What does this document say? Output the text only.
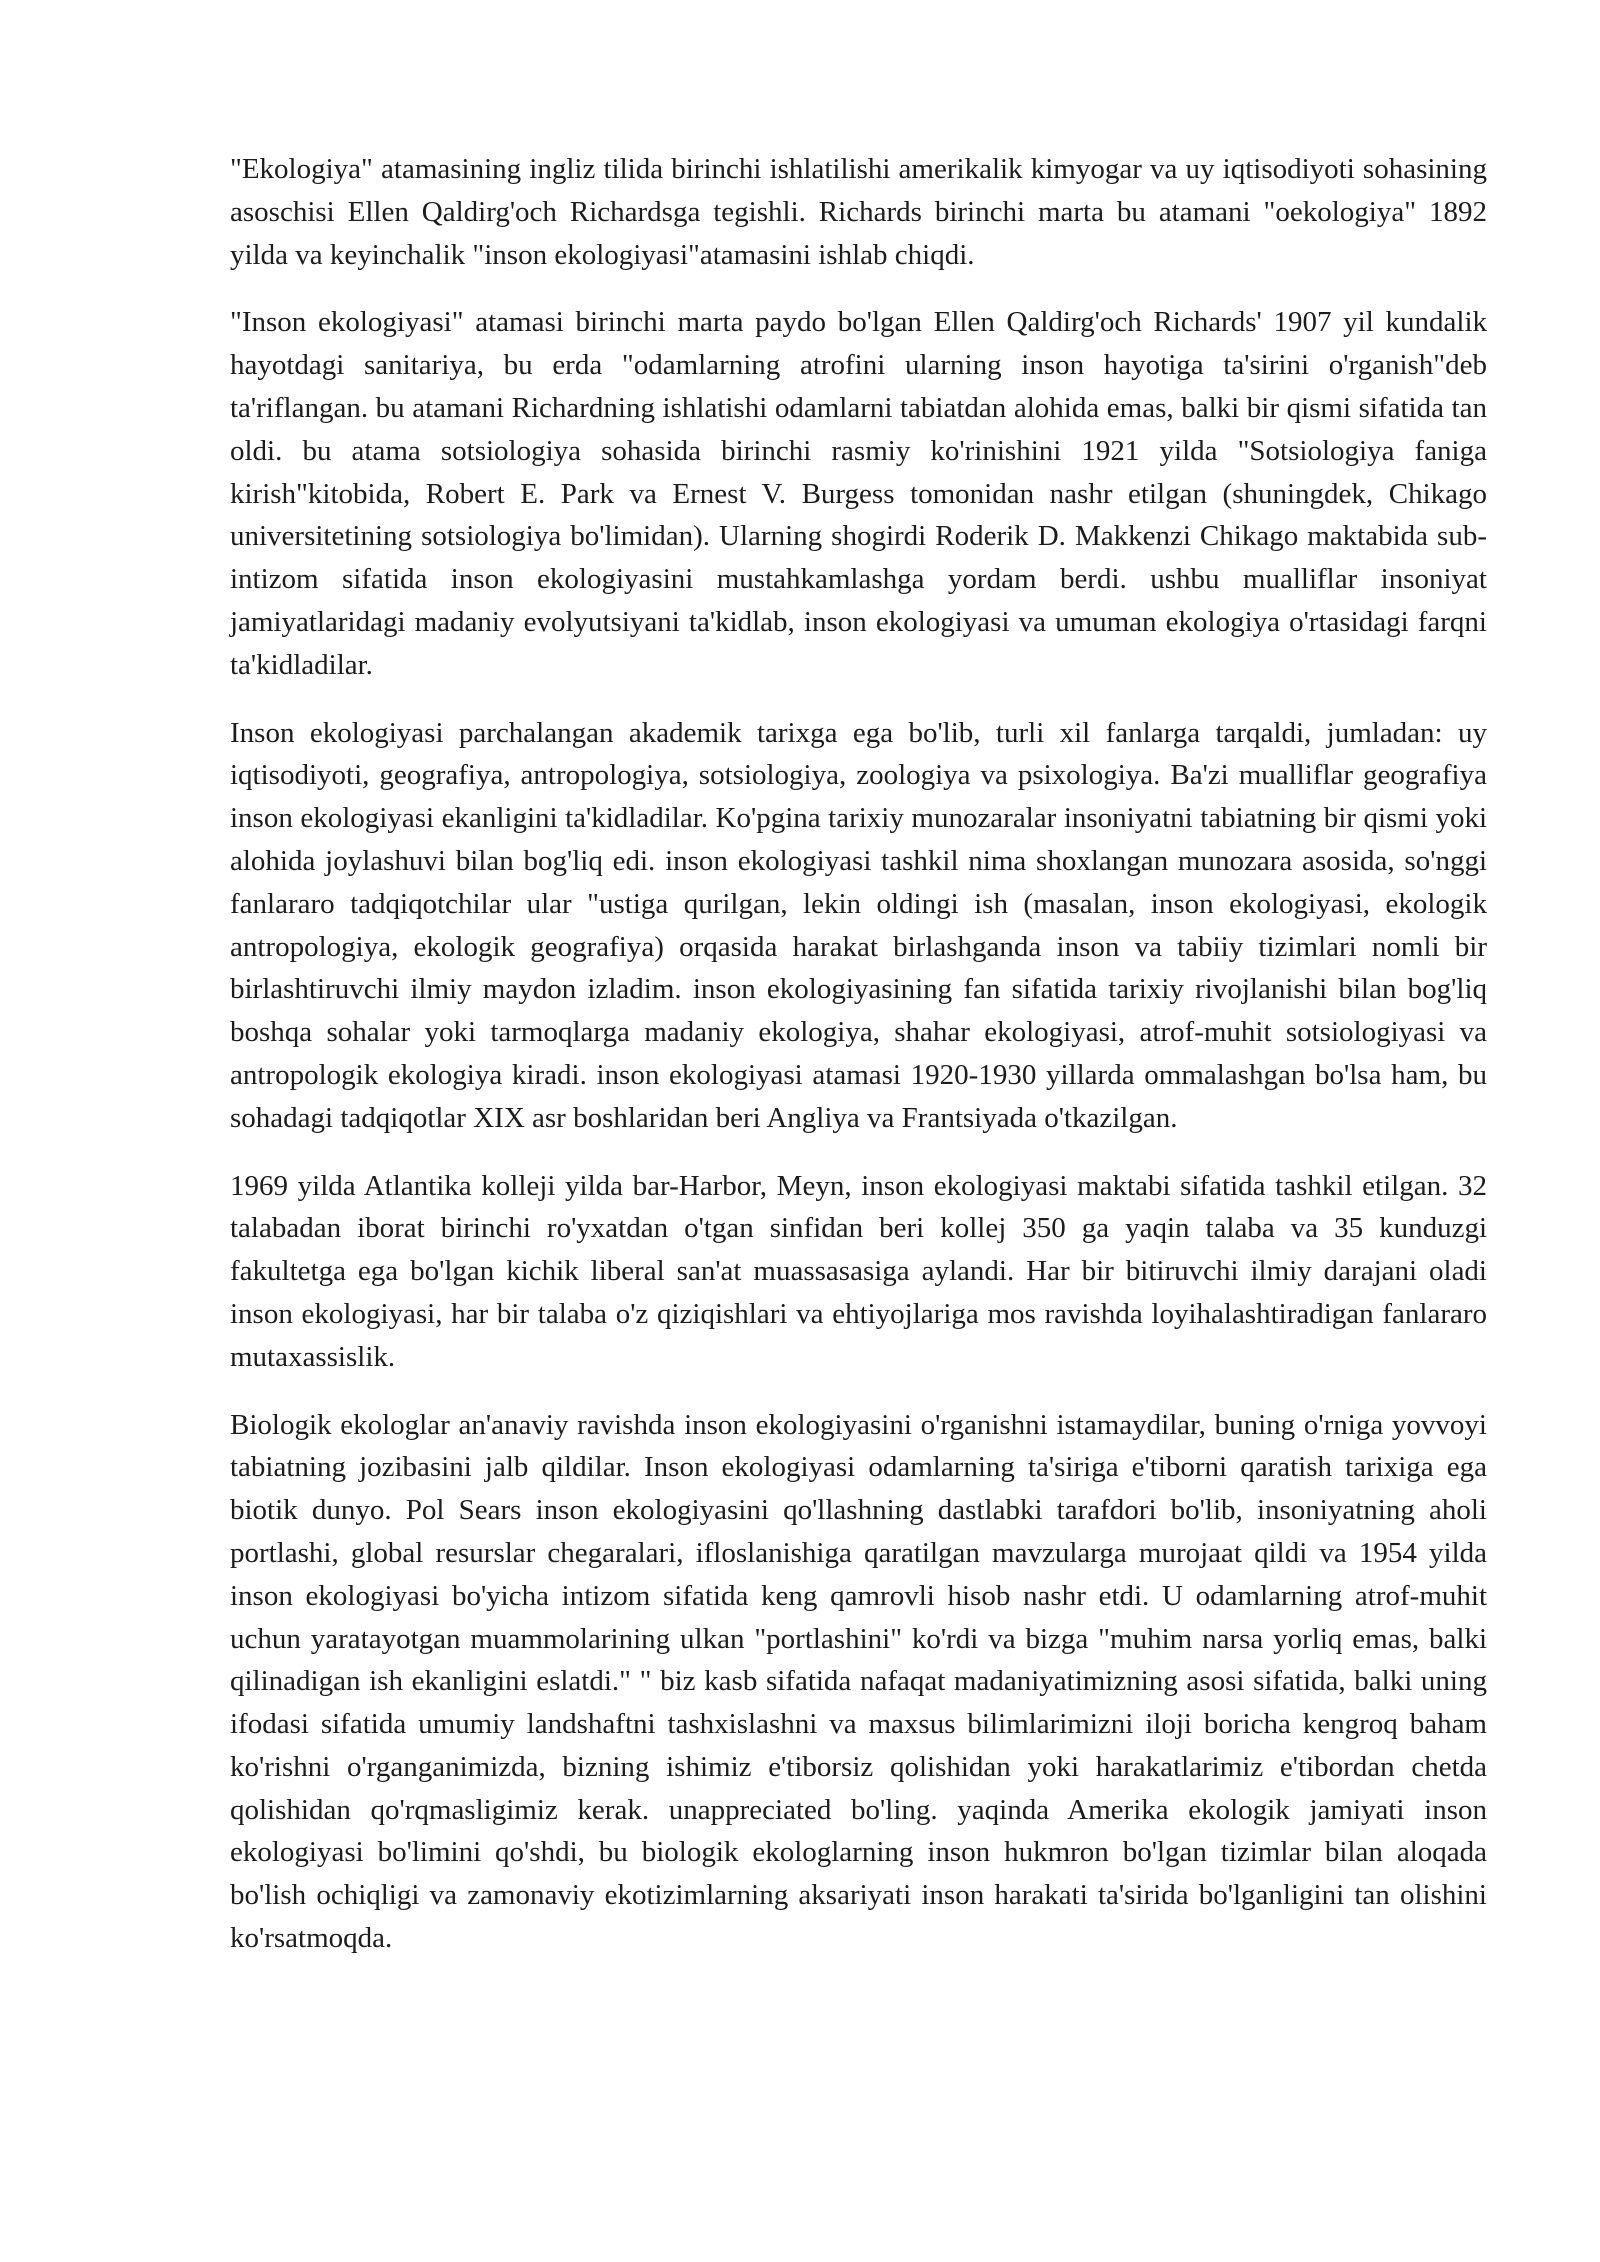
"Ekologiya" atamasining ingliz tilida birinchi ishlatilishi amerikalik kimyogar va uy iqtisodiyoti sohasining asoschisi Ellen Qaldirg'och Richardsga tegishli. Richards birinchi marta bu atamani "oekologiya" 1892 yilda va keyinchalik "inson ekologiyasi"atamasini ishlab chiqdi.

"Inson ekologiyasi" atamasi birinchi marta paydo bo'lgan Ellen Qaldirg'och Richards' 1907 yil kundalik hayotdagi sanitariya, bu erda "odamlarning atrofini ularning inson hayotiga ta'sirini o'rganish"deb ta'riflangan. bu atamani Richardning ishlatishi odamlarni tabiatdan alohida emas, balki bir qismi sifatida tan oldi. bu atama sotsiologiya sohasida birinchi rasmiy ko'rinishini 1921 yilda "Sotsiologiya faniga kirish"kitobida, Robert E. Park va Ernest V. Burgess tomonidan nashr etilgan (shuningdek, Chikago universitetining sotsiologiya bo'limidan). Ularning shogirdi Roderik D. Makkenzi Chikago maktabida sub-intizom sifatida inson ekologiyasini mustahkamlashga yordam berdi. ushbu mualliflar insoniyat jamiyatlaridagi madaniy evolyutsiyani ta'kidlab, inson ekologiyasi va umuman ekologiya o'rtasidagi farqni ta'kidladilar.

Inson ekologiyasi parchalangan akademik tarixga ega bo'lib, turli xil fanlarga tarqaldi, jumladan: uy iqtisodiyoti, geografiya, antropologiya, sotsiologiya, zoologiya va psixologiya. Ba'zi mualliflar geografiya inson ekologiyasi ekanligini ta'kidladilar. Ko'pgina tarixiy munozaralar insoniyatni tabiatning bir qismi yoki alohida joylashuvi bilan bog'liq edi. inson ekologiyasi tashkil nima shoxlangan munozara asosida, so'nggi fanlararo tadqiqotchilar ular "ustiga qurilgan, lekin oldingi ish (masalan, inson ekologiyasi, ekologik antropologiya, ekologik geografiya) orqasida harakat birlashganda inson va tabiiy tizimlari nomli bir birlashtiruvchi ilmiy maydon izladim. inson ekologiyasining fan sifatida tarixiy rivojlanishi bilan bog'liq boshqa sohalar yoki tarmoqlarga madaniy ekologiya, shahar ekologiyasi, atrof-muhit sotsiologiyasi va antropologik ekologiya kiradi. inson ekologiyasi atamasi 1920-1930 yillarda ommalashgan bo'lsa ham, bu sohadagi tadqiqotlar XIX asr boshlaridan beri Angliya va Frantsiyada o'tkazilgan.

1969 yilda Atlantika kolleji yilda bar-Harbor, Meyn, inson ekologiyasi maktabi sifatida tashkil etilgan. 32 talabadan iborat birinchi ro'yxatdan o'tgan sinfidan beri kollej 350 ga yaqin talaba va 35 kunduzgi fakultetga ega bo'lgan kichik liberal san'at muassasasiga aylandi. Har bir bitiruvchi ilmiy darajani oladi inson ekologiyasi, har bir talaba o'z qiziqishlari va ehtiyojlariga mos ravishda loyihalashtiradigan fanlararo mutaxassislik.

Biologik ekologlar an'anaviy ravishda inson ekologiyasini o'rganishni istamaydilar, buning o'rniga yovvoyi tabiatning jozibasini jalb qildilar. Inson ekologiyasi odamlarning ta'siriga e'tiborni qaratish tarixiga ega biotik dunyo. Pol Sears inson ekologiyasini qo'llashning dastlabki tarafdori bo'lib, insoniyatning aholi portlashi, global resurslar chegaralari, ifloslanishiga qaratilgan mavzularga murojaat qildi va 1954 yilda inson ekologiyasi bo'yicha intizom sifatida keng qamrovli hisob nashr etdi. U odamlarning atrof-muhit uchun yaratayotgan muammolarining ulkan "portlashini" ko'rdi va bizga "muhim narsa yorliq emas, balki qilinadigan ish ekanligini eslatdi." " biz kasb sifatida nafaqat madaniyatimizning asosi sifatida, balki uning ifodasi sifatida umumiy landshaftni tashxislashni va maxsus bilimlarimizni iloji boricha kengroq baham ko'rishni o'rganganimizda, bizning ishimiz e'tiborsiz qolishidan yoki harakatlarimiz e'tibordan chetda qolishidan qo'rqmasligimiz kerak. unappreciated bo'ling. yaqinda Amerika ekologik jamiyati inson ekologiyasi bo'limini qo'shdi, bu biologik ekologlarning inson hukmron bo'lgan tizimlar bilan aloqada bo'lish ochiqligi va zamonaviy ekotizimlarning aksariyati inson harakati ta'sirida bo'lganligini tan olishini ko'rsatmoqda.
